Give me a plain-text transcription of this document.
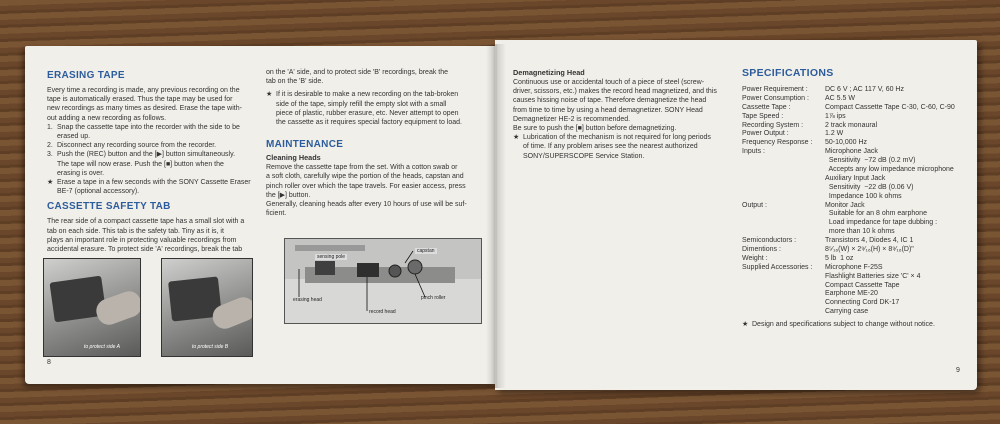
ERASING TAPE

Every time a recording is made, any previous recording on the

tape is automatically erased. Thus the tape may be used for

new recordings as many times as desired. Erase the tape with-

out adding a new recording as follows.

1. Snap the cassette tape into the recorder with the side to be

erased up.

2. Disconnect any recording source from the recorder.

3. Push the (REC) button and the [▶] button simultaneously.

The tape will now erase. Push the [■] button when the

erasing is over.

★ Erase a tape in a few seconds with the SONY Cassette Eraser

BE-7 (optional accessory).

CASSETTE SAFETY TAB

The rear side of a compact cassette tape has a small slot with a

tab on each side. This tab is the safety tab. Tiny as it is, it

plays an important role in protecting valuable recordings from

accidental erasure. To protect side 'A' recordings, break the tab

to protect side A	to protect side B
8

on the 'A' side, and to protect side 'B' recordings, break the

tab on the 'B' side.

★ If it is desirable to make a new recording on the tab-broken

side of the tape, simply refill the empty slot with a small

piece of plastic, rubber erasure, etc. Never attempt to open

the cassette as it requires special factory equipment to load.

MAINTENANCE
Cleaning Heads

Remove the cassette tape from the set. With a cotton swab or

a soft cloth, carefully wipe the portion of the heads, capstan and

pinch roller over which the tape travels. For easier access, press

the [▶] button.

Generally, cleaning heads after every 10 hours of use will be suf-

ficient.

sensing pole
capstan
erasing head	pinch roller
record head
Demagnetizing Head

Continuous use or accidental touch of a piece of steel (screw-

driver, scissors, etc.) makes the record head magnetized, and this

causes hissing noise of tape. Therefore demagnetize the head

from time to time by using a head demagnetizer. SONY Head

Demagnetizer HE-2 is recommended.

Be sure to push the [■] button before demagnetizing.

★ Lubrication of the mechanism is not required for long periods

of time. If any problem arises see the nearest authorized

SONY/SUPERSCOPE Service Station.

SPECIFICATIONS
Power Requirement : DC 6 V ; AC 117 V, 60 Hz
Power Consumption : AC 5.5 W
Cassette Tape :	Compact Cassette Tape C-30, C-60, C-90
Tape Speed :	1⅞ ips
Recording System :	2 track monaural
Power Output :	1.2 W
Frequency Response : 50-10,000 Hz
Inputs :	Microphone Jack
Sensitivity  −72 dB (0.2 mV)
Accepts any low impedance microphone
Auxiliary Input Jack
Sensitivity  −22 dB (0.06 V)
Impedance 100 k ohms
Output :	Monitor Jack
Suitable for an 8 ohm earphone
Load impedance for tape dubbing :
more than 10 k ohms
Semiconductors :	Transistors 4, Diodes 4, IC 1
Dimentions :	8⁵⁄₁₆(W) × 2⁹⁄₁₆(H) × 8⁹⁄₁₆(D)"
Weight :	5 lb  1 oz
Supplied Accessories : Microphone F-25S
Flashlight Batteries size 'C' × 4
Compact Cassette Tape
Earphone ME-20
Connecting Cord DK-17
Carrying case
★ Design and specifications subject to change without notice.
9
